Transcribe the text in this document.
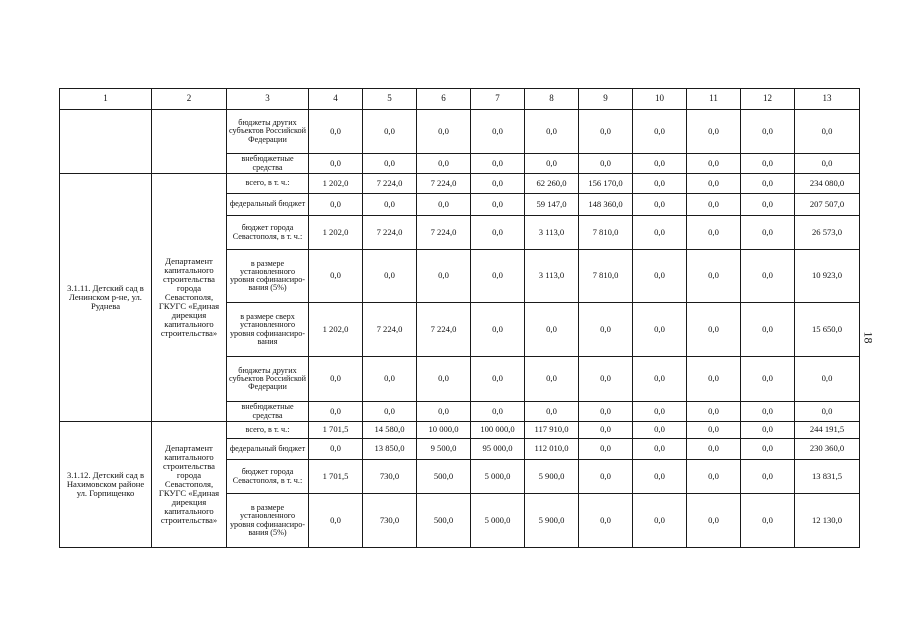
1	2	3	4	5	6	7	8	9	10	11	12	13
		бюджеты других субъектов Российской Федерации	0,0	0,0	0,0	0,0	0,0	0,0	0,0	0,0	0,0	0,0
		внебюджетные средства	0,0	0,0	0,0	0,0	0,0	0,0	0,0	0,0	0,0	0,0
3.1.11. Детский сад в Ленинском р-не, ул. Руднева	Департамент капитального строительства города Севастополя, ГКУГС «Единая дирекция капитального строительства»	всего, в т. ч.:	1 202,0	7 224,0	7 224,0	0,0	62 260,0	156 170,0	0,0	0,0	0,0	234 080,0
		федеральный бюджет	0,0	0,0	0,0	0,0	59 147,0	148 360,0	0,0	0,0	0,0	207 507,0
		бюджет города Севастополя, в т. ч.:	1 202,0	7 224,0	7 224,0	0,0	3 113,0	7 810,0	0,0	0,0	0,0	26 573,0
		в размере установленного уровня софинансиро-вания (5%)	0,0	0,0	0,0	0,0	3 113,0	7 810,0	0,0	0,0	0,0	10 923,0
		в размере сверх установленного уровня софинансиро-вания	1 202,0	7 224,0	7 224,0	0,0	0,0	0,0	0,0	0,0	0,0	15 650,0
		бюджеты других субъектов Российской Федерации	0,0	0,0	0,0	0,0	0,0	0,0	0,0	0,0	0,0	0,0
		внебюджетные средства	0,0	0,0	0,0	0,0	0,0	0,0	0,0	0,0	0,0	0,0
3.1.12. Детский сад в Нахимовском районе ул. Горпищенко	Департамент капитального строительства города Севастополя, ГКУГС «Единая дирекция капитального строительства»	всего, в т. ч.:	1 701,5	14 580,0	10 000,0	100 000,0	117 910,0	0,0	0,0	0,0	0,0	244 191,5
		федеральный бюджет	0,0	13 850,0	9 500,0	95 000,0	112 010,0	0,0	0,0	0,0	0,0	230 360,0
		бюджет города Севастополя, в т. ч.:	1 701,5	730,0	500,0	5 000,0	5 900,0	0,0	0,0	0,0	0,0	13 831,5
		в размере установленного уровня софинансиро-вания (5%)	0,0	730,0	500,0	5 000,0	5 900,0	0,0	0,0	0,0	0,0	12 130,0
18
